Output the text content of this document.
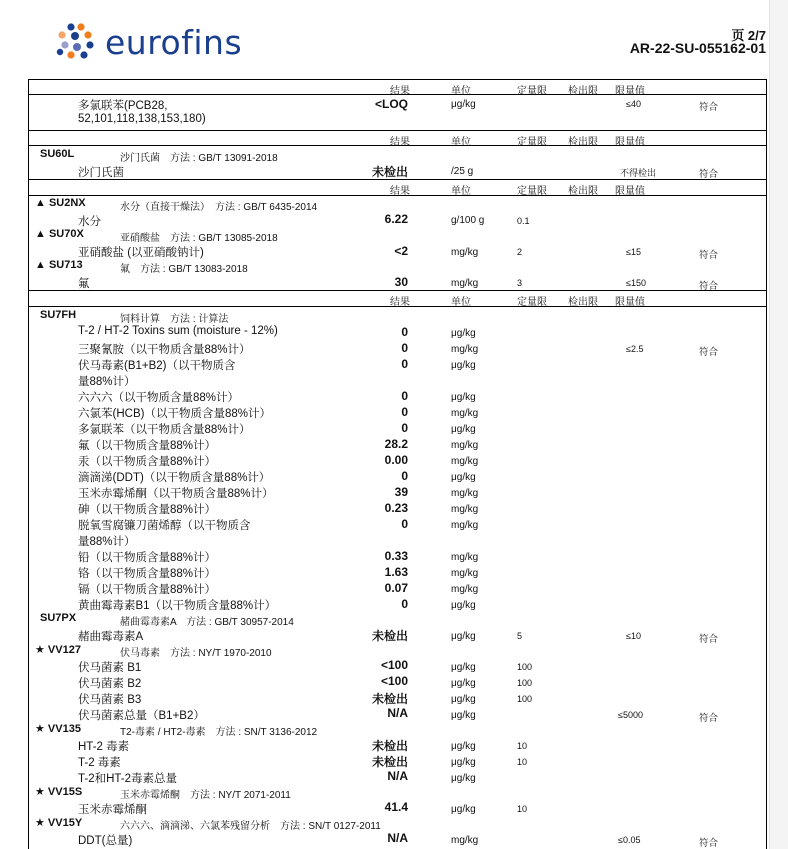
eurofins	页 2/7
AR-22-SU-055162-01
结果	单位	定量限 检出限 限量值
多氯联苯(PCB28,
52,101,118,138,153,180)
<LOQ	μg/kg	≤40	符合
结果	单位	定量限 检出限 限量值
SU60L	沙门氏菌　方法 : GB/T 13091-2018
沙门氏菌	未检出	/25 g	不得检出	符合
结果	单位	定量限 检出限 限量值
▲ SU2NX	水分（直接干燥法）　方法 : GB/T 6435-2014
水分	6.22	g/100 g	0.1
▲ SU70X	亚硝酸盐　方法 : GB/T 13085-2018
亚硝酸盐 (以亚硝酸钠计)	<2	mg/kg	2	≤15	符合
▲ SU713	氟　方法 : GB/T 13083-2018
氟	30	mg/kg	3	≤150	符合
结果	单位	定量限 检出限 限量值
SU7FH	饲料计算　方法 : 计算法
T-2 / HT-2 Toxins sum (moisture - 12%)	0	μg/kg
三聚氰胺（以干物质含量88%计）	0	mg/kg	≤2.5	符合
伏马毒素(B1+B2)（以干物质含
量88%计）
0	μg/kg
六六六（以干物质含量88%计）	0	μg/kg
六氯苯(HCB)（以干物质含量88%计）	0	mg/kg
多氯联苯（以干物质含量88%计）	0	μg/kg
氟（以干物质含量88%计）	28.2	mg/kg
汞（以干物质含量88%计）	0.00	mg/kg
滴滴涕(DDT)（以干物质含量88%计）	0	μg/kg
玉米赤霉烯酮（以干物质含量88%计）	39	mg/kg
砷（以干物质含量88%计）	0.23	mg/kg
脱氧雪腐镰刀菌烯醇（以干物质含
量88%计）
0	mg/kg
铅（以干物质含量88%计）	0.33	mg/kg
铬（以干物质含量88%计）	1.63	mg/kg
镉（以干物质含量88%计）	0.07	mg/kg
黄曲霉毒素B1（以干物质含量88%计）	0	μg/kg
SU7PX	赭曲霉毒素A　方法 : GB/T 30957-2014
赭曲霉毒素A	未检出	μg/kg	5	≤10	符合
★ VV127	伏马毒素　方法 : NY/T 1970-2010
伏马菌素 B1	<100	μg/kg	100
伏马菌素 B2	<100	μg/kg	100
伏马菌素 B3	未检出	μg/kg	100
伏马菌素总量（B1+B2）	N/A	μg/kg	≤5000	符合
★ VV135	T2-毒素 / HT2-毒素　方法 : SN/T 3136-2012
HT-2 毒素	未检出	μg/kg	10
T-2 毒素	未检出	μg/kg	10
T-2和HT-2毒素总量	N/A	μg/kg
★ VV15S	玉米赤霉烯酮　方法 : NY/T 2071-2011
玉米赤霉烯酮	41.4	μg/kg	10
★ VV15Y	六六六、滴滴涕、六氯苯残留分析　方法 : SN/T 0127-2011
DDT(总量)	N/A	mg/kg	≤0.05	符合
